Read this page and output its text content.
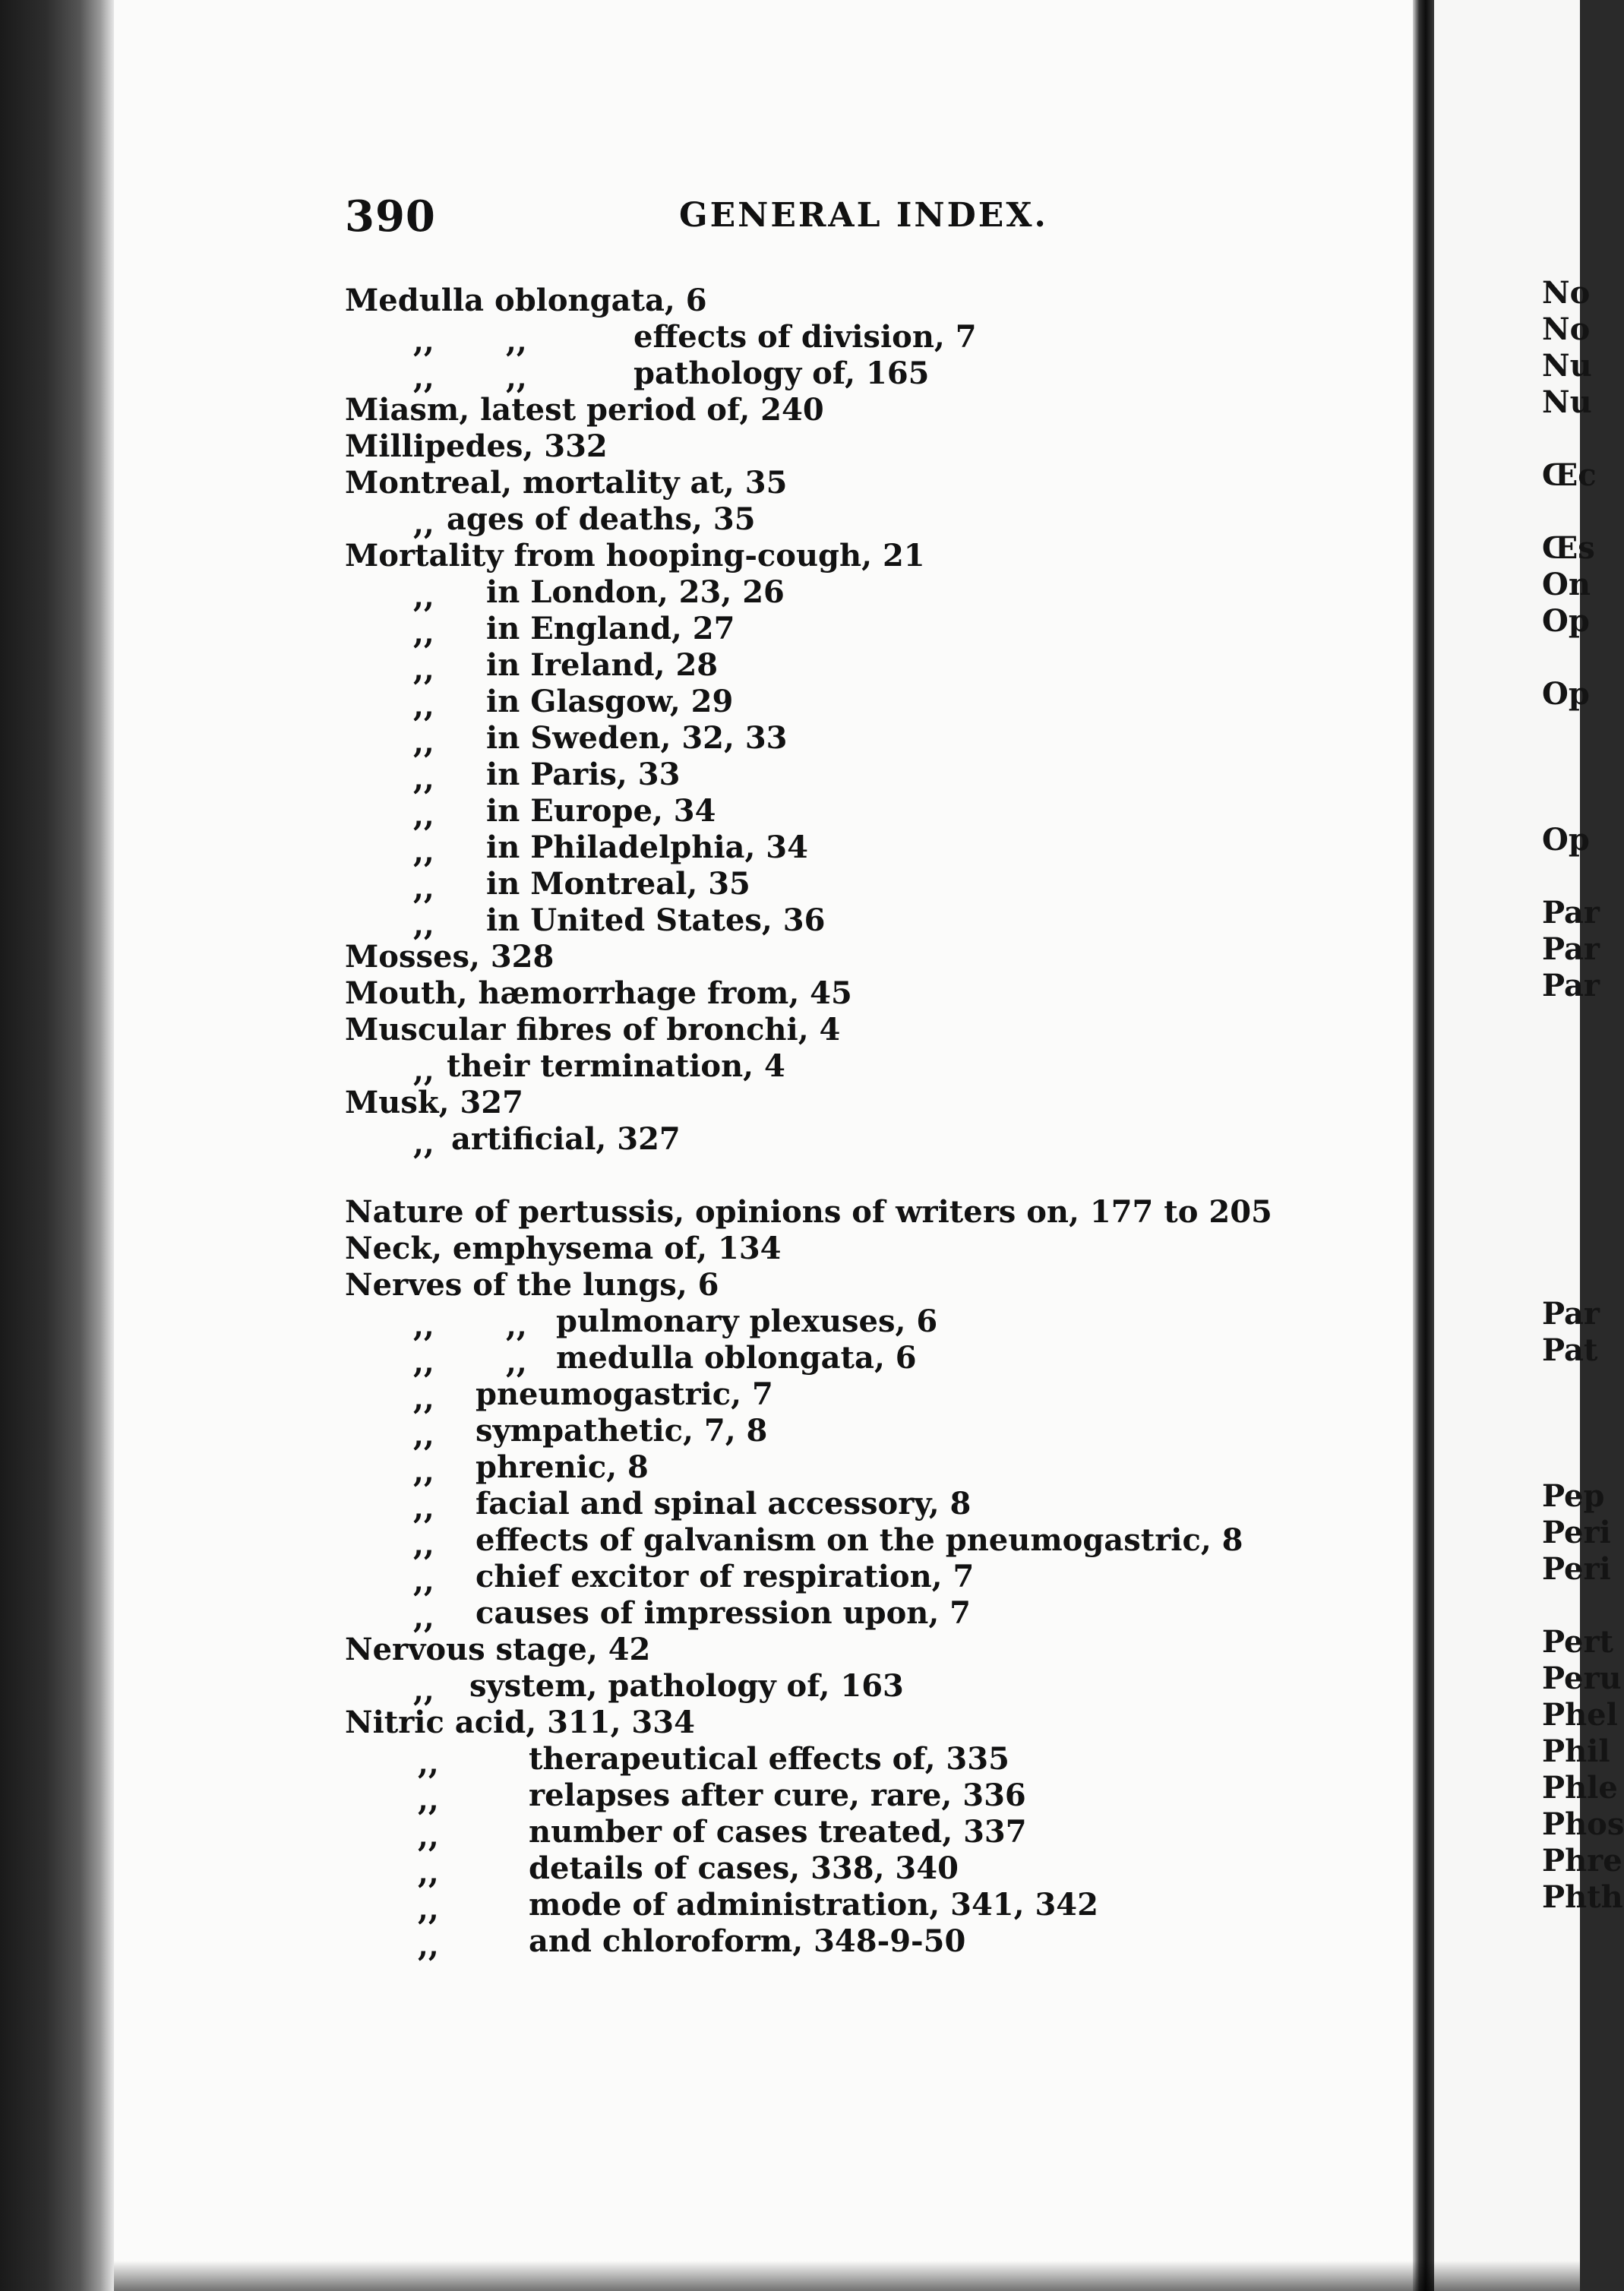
390	GENERAL INDEX.
Medulla oblongata, 6
,, ,,	effects of division, 7
,, ,,	pathology of, 165
Miasm, latest period of, 240
Millipedes, 332
Montreal, mortality at, 35
,, ages of deaths, 35
Mortality from hooping-cough, 21
,, in London, 23, 26
,, in England, 27
,, in Ireland, 28
,, in Glasgow, 29
,, in Sweden, 32, 33
,, in Paris, 33
,, in Europe, 34
,, in Philadelphia, 34
,, in Montreal, 35
,, in United States, 36
Mosses, 328
Mouth, hæmorrhage from, 45
Muscular fibres of bronchi, 4
,, their termination, 4
Musk, 327
,, artificial, 327
Nature of pertussis, opinions of writers on, 177 to 205
Neck, emphysema of, 134
Nerves of the lungs, 6
,, ,, pulmonary plexuses, 6
,, ,, medulla oblongata, 6
,, pneumogastric, 7
,, sympathetic, 7, 8
,, phrenic, 8
,, facial and spinal accessory, 8
,, effects of galvanism on the pneumogastric, 8
,, chief excitor of respiration, 7
,, causes of impression upon, 7
Nervous stage, 42
,, system, pathology of, 163
Nitric acid, 311, 334
,,	therapeutical effects of, 335
,,	relapses after cure, rare, 336
,,	number of cases treated, 337
,,	details of cases, 338, 340
,,	mode of administration, 341, 342
,,	and chloroform, 348-9-50
No
No
Nu
Nu
Œc
Œs
On
Op
Op
Op
Par
Par
Par
Par
Pat
Pep
Peri
Peri
Pert
Peru
Phel
Phil
Phle
Phos
Phre
Phth
